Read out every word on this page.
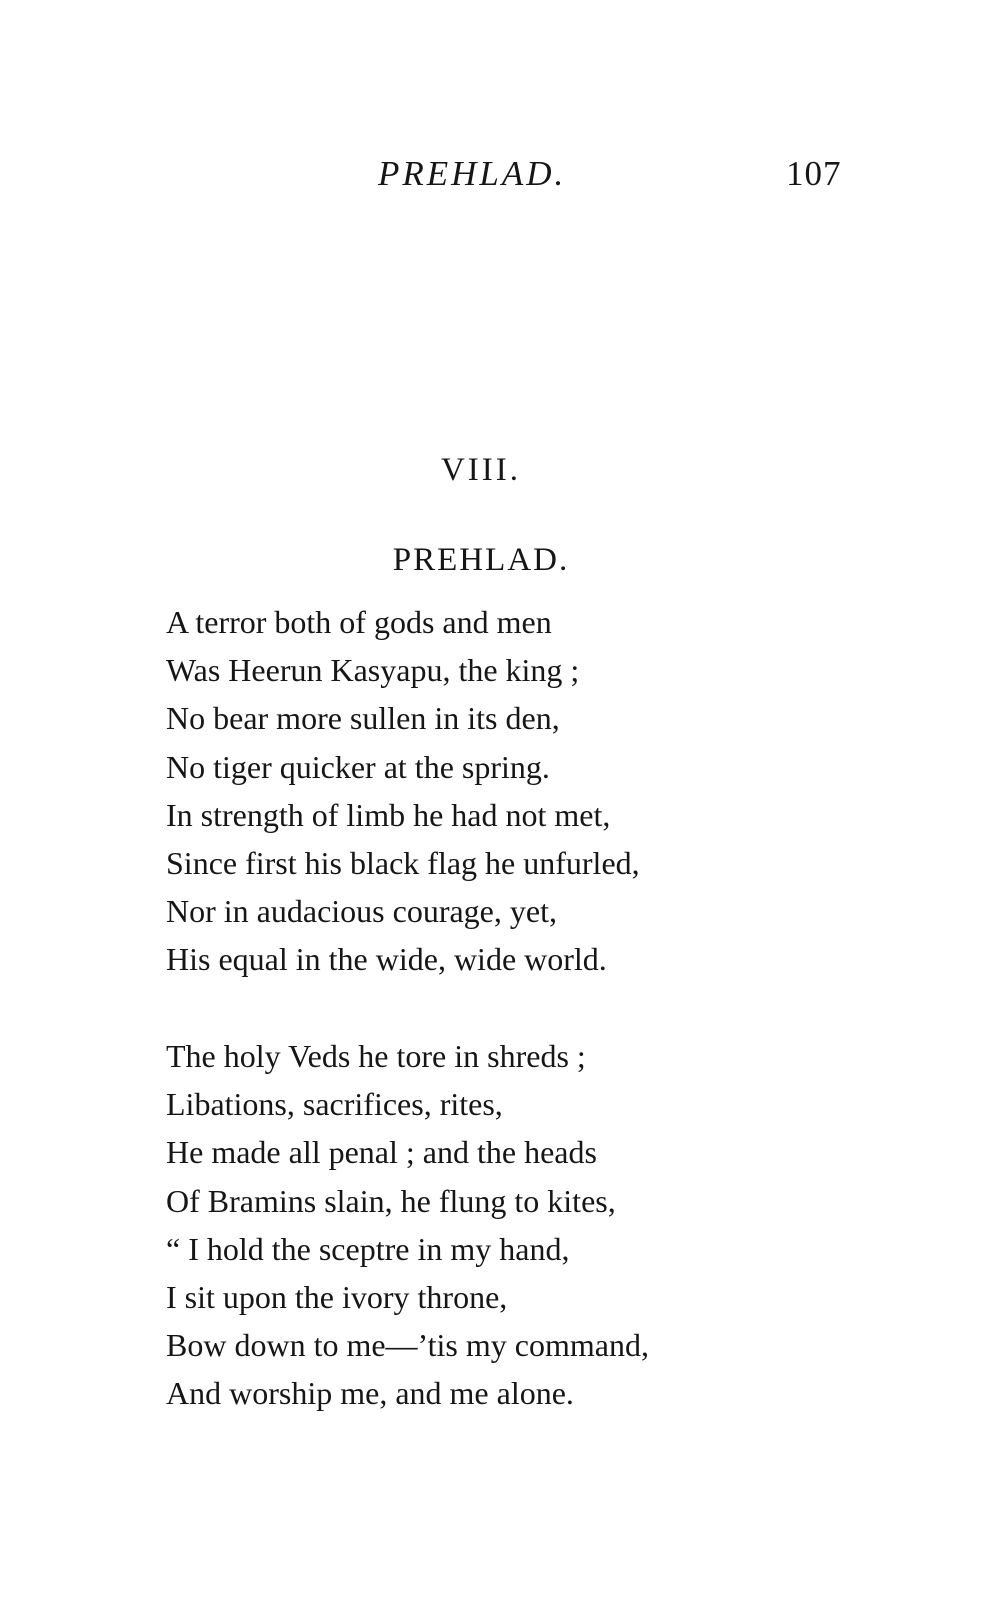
PREHLAD.	107
VIII.
PREHLAD.
A terror both of gods and men
Was Heerun Kasyapu, the king ;
No bear more sullen in its den,
No tiger quicker at the spring.
In strength of limb he had not met,
Since first his black flag he unfurled,
Nor in audacious courage, yet,
His equal in the wide, wide world.
The holy Veds he tore in shreds ;
Libations, sacrifices, rites,
He made all penal ; and the heads
Of Bramins slain, he flung to kites,
“ I hold the sceptre in my hand,
I sit upon the ivory throne,
Bow down to me—’tis my command,
And worship me, and me alone.
